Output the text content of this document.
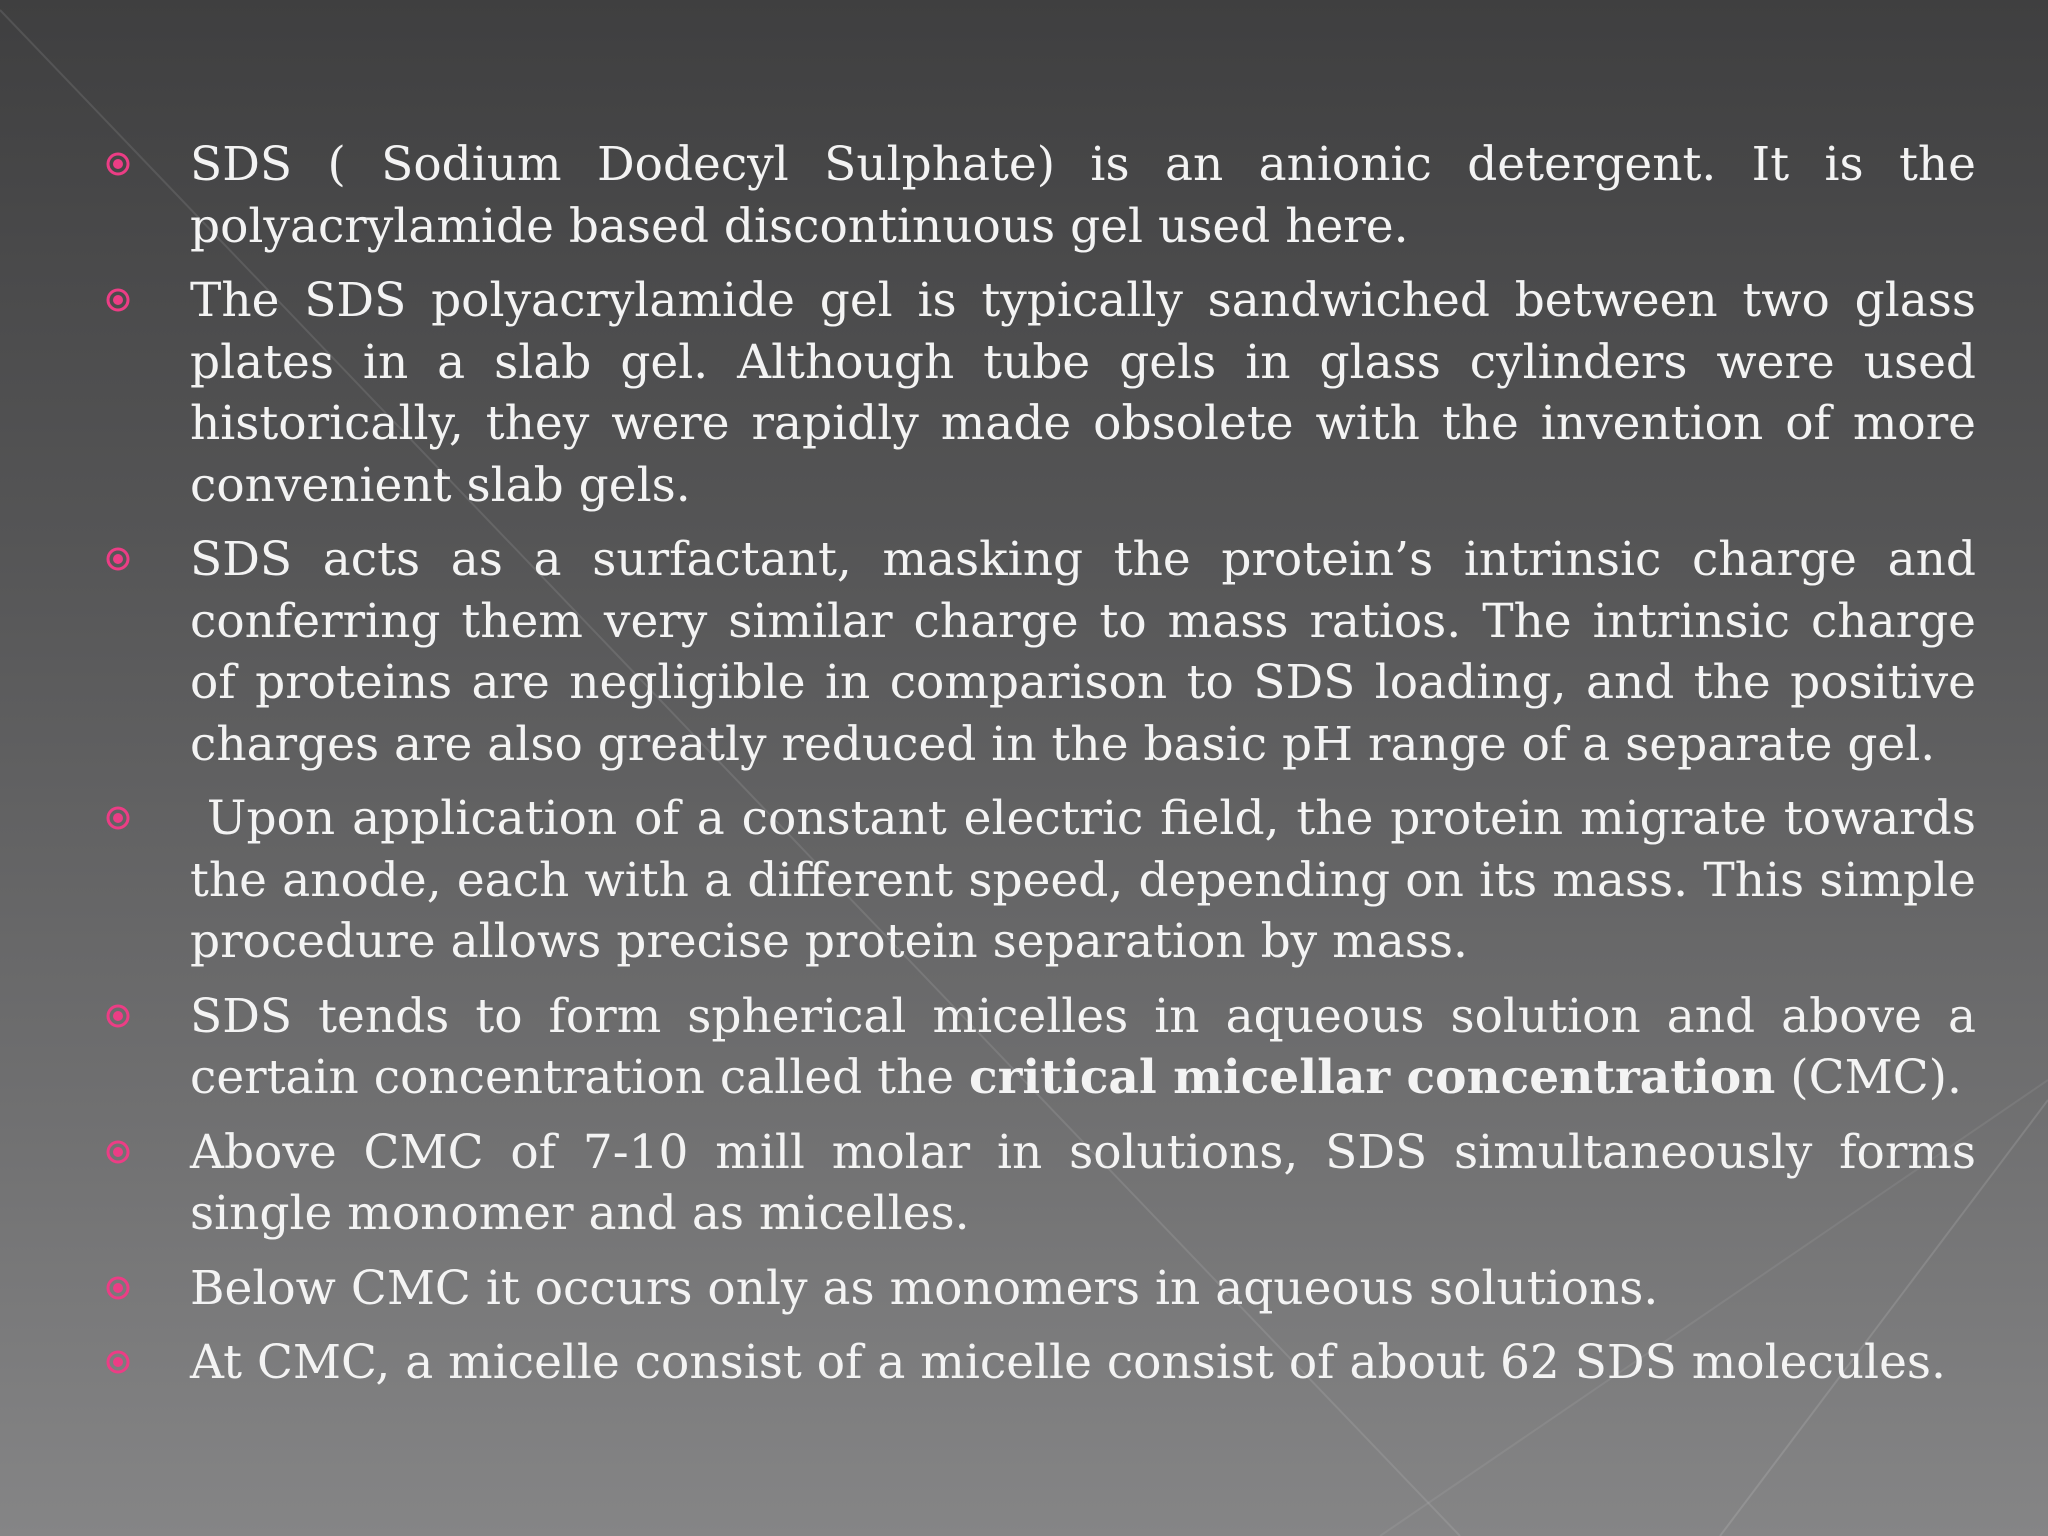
SDS ( Sodium Dodecyl Sulphate) is an anionic detergent. It is the polyacrylamide based discontinuous gel used here.
The SDS polyacrylamide gel is typically sandwiched between two glass plates in a slab gel. Although tube gels in glass cylinders were used historically, they were rapidly made obsolete with the invention of more convenient slab gels.
SDS acts as a surfactant, masking the protein’s intrinsic charge and conferring them very similar charge to mass ratios. The intrinsic charge of proteins are negligible in comparison to SDS loading, and the positive charges are also greatly reduced in the basic pH range of a separate gel.
Upon application of a constant electric field, the protein migrate towards the anode, each with a different speed, depending on its mass. This simple procedure allows precise protein separation by mass.
SDS tends to form spherical micelles in aqueous solution and above a certain concentration called the critical micellar concentration (CMC).
Above CMC of 7-10 mill molar in solutions, SDS simultaneously forms single monomer and as micelles.
Below CMC it occurs only as monomers in aqueous solutions.
At CMC, a micelle consist of a micelle consist of about 62 SDS molecules.
